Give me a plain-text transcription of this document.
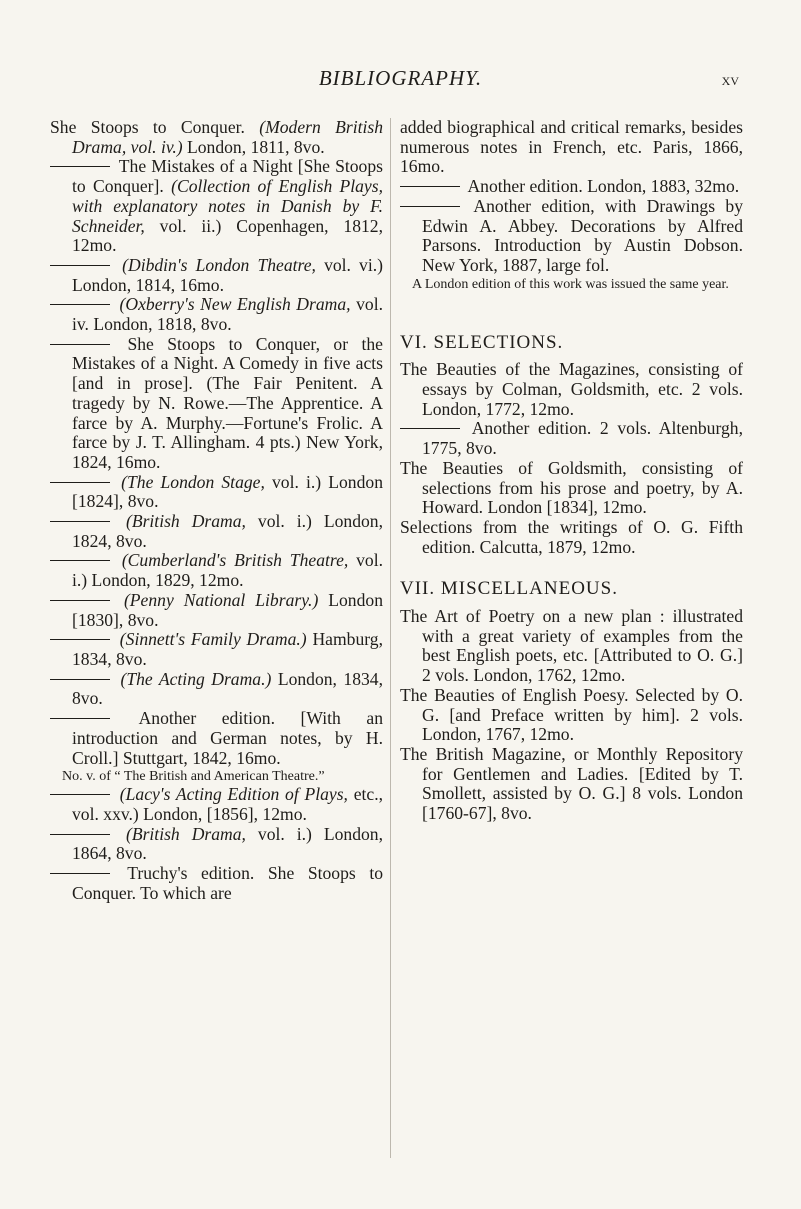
BIBLIOGRAPHY.	xv

She Stoops to Conquer. (Modern British Drama, vol. iv.) London, 1811, 8vo.

The Mistakes of a Night [She Stoops to Conquer]. (Collection of English Plays, with explanatory notes in Danish by F. Schneider, vol. ii.) Copenhagen, 1812, 12mo.

(Dibdin's London Theatre, vol. vi.) London, 1814, 16mo.

(Oxberry's New English Drama, vol. iv. London, 1818, 8vo.

She Stoops to Conquer, or the Mistakes of a Night. A Comedy in five acts [and in prose]. (The Fair Penitent. A tragedy by N. Rowe.—The Apprentice. A farce by A. Murphy.—Fortune's Frolic. A farce by J. T. Allingham. 4 pts.) New York, 1824, 16mo.

(The London Stage, vol. i.) London [1824], 8vo.

(British Drama, vol. i.) London, 1824, 8vo.

(Cumberland's British Theatre, vol. i.) London, 1829, 12mo.

(Penny National Library.) London [1830], 8vo.

(Sinnett's Family Drama.) Hamburg, 1834, 8vo.

(The Acting Drama.) London, 1834, 8vo.

Another edition. [With an introduction and German notes, by H. Croll.] Stuttgart, 1842, 16mo.

No. v. of “ The British and American Theatre.”

(Lacy's Acting Edition of Plays, etc., vol. xxv.) London, [1856], 12mo.

(British Drama, vol. i.) London, 1864, 8vo.

Truchy's edition. She Stoops to Conquer. To which are

added biographical and critical remarks, besides numerous notes in French, etc. Paris, 1866, 16mo.

Another edition. London, 1883, 32mo.

Another edition, with Drawings by Edwin A. Abbey. Decorations by Alfred Parsons. Introduction by Austin Dobson. New York, 1887, large fol.

A London edition of this work was issued the same year.

VI. SELECTIONS.

The Beauties of the Magazines, consisting of essays by Colman, Goldsmith, etc. 2 vols. London, 1772, 12mo.

Another edition. 2 vols. Altenburgh, 1775, 8vo.

The Beauties of Goldsmith, consisting of selections from his prose and poetry, by A. Howard. London [1834], 12mo.

Selections from the writings of O. G. Fifth edition. Calcutta, 1879, 12mo.

VII. MISCELLANEOUS.

The Art of Poetry on a new plan : illustrated with a great variety of examples from the best English poets, etc. [Attributed to O. G.] 2 vols. London, 1762, 12mo.

The Beauties of English Poesy. Selected by O. G. [and Preface written by him]. 2 vols. London, 1767, 12mo.

The British Magazine, or Monthly Repository for Gentlemen and Ladies. [Edited by T. Smollett, assisted by O. G.] 8 vols. London [1760-67], 8vo.
